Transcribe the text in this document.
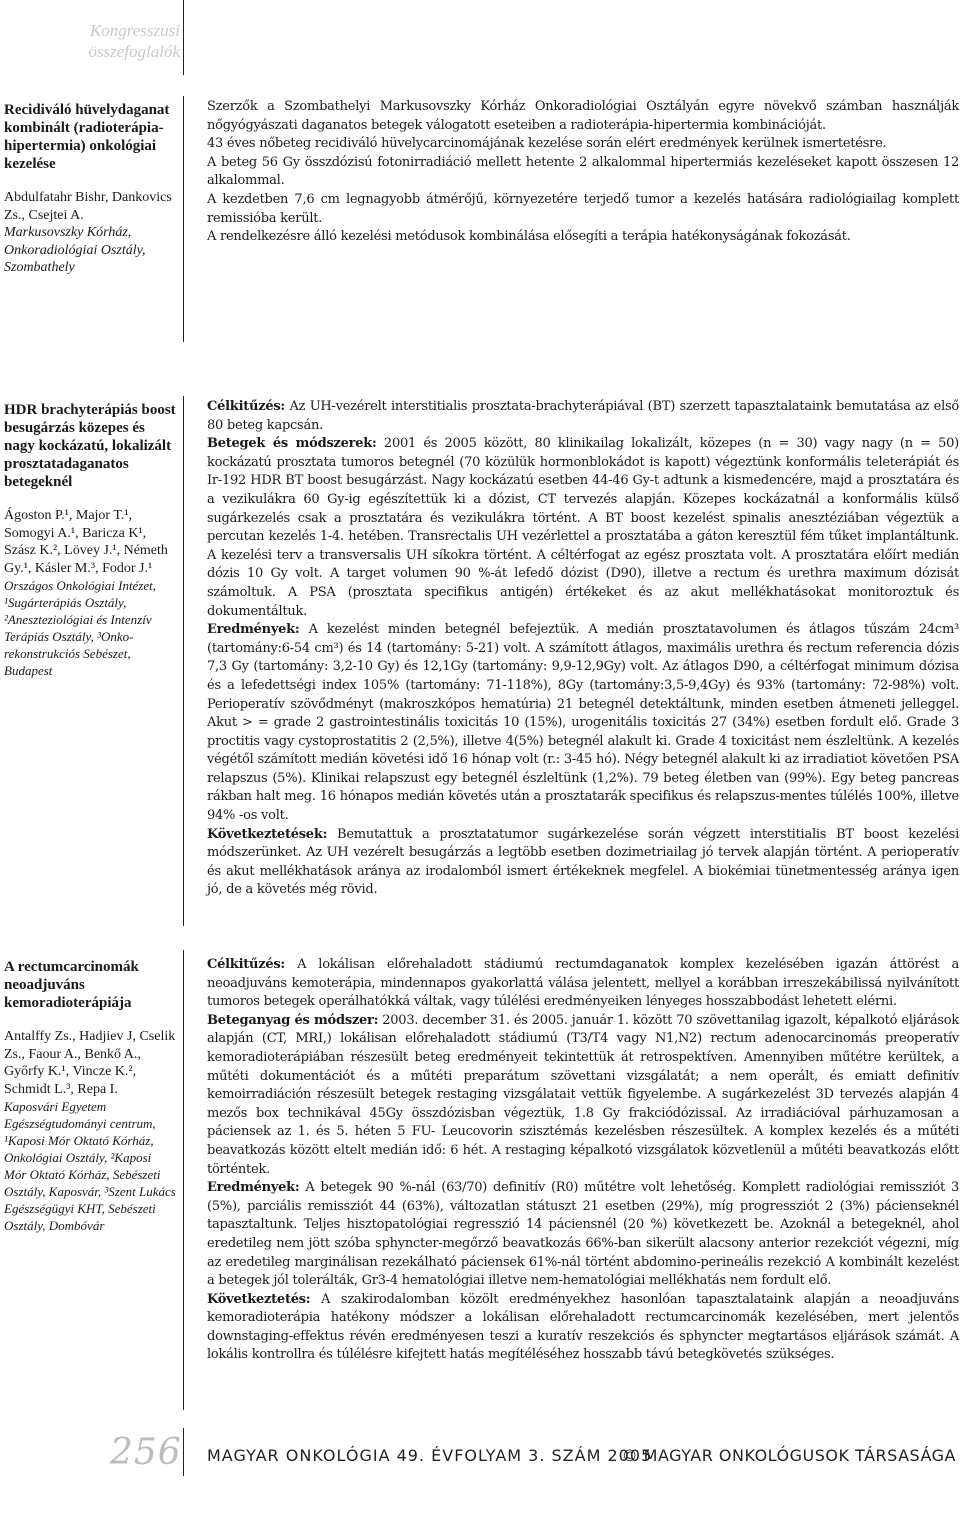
Kongresszusi összefoglalók
Recidiváló hüvelydaganat kombinált (radioterápia-hipertermia) onkológiai kezelése
Abdulfatahr Bishr, Dankovics Zs., Csejtei A.
Markusovszky Kórház, Onkoradiológiai Osztály, Szombathely

Szerzők a Szombathelyi Markusovszky Kórház Onkoradiológiai Osztályán egyre növekvő számban használják nőgyógyászati daganatos betegek válogatott eseteiben a radioterápia-hipertermia kombinációját.

43 éves nőbeteg recidiváló hüvelycarcinomájának kezelése során elért eredmények kerülnek ismertetésre.

A beteg 56 Gy összdózisú fotonirradiáció mellett hetente 2 alkalommal hipertermiás kezeléseket kapott összesen 12 alkalommal.

A kezdetben 7,6 cm legnagyobb átmérőjű, környezetére terjedő tumor a kezelés hatására radiológiailag komplett remissióba került.

A rendelkezésre álló kezelési metódusok kombinálása elősegíti a terápia hatékonyságának fokozását.

HDR brachyterápiás boost besugárzás közepes és nagy kockázatú, lokalizált prosztatadaganatos betegeknél
Ágoston P.¹, Major T.¹, Somogyi A.¹, Baricza K¹, Szász K.², Lövey J.¹, Németh Gy.¹, Kásler M.³, Fodor J.¹
Országos Onkológiai Intézet, ¹Sugárterápiás Osztály, ²Aneszteziológiai és Intenzív Terápiás Osztály, ³Onko-rekonstrukciós Sebészet, Budapest

Célkitűzés: Az UH-vezérelt interstitialis prosztata-brachyterápiával (BT) szerzett tapasztalataink bemutatása az első 80 beteg kapcsán.

Betegek és módszerek: 2001 és 2005 között, 80 klinikailag lokalizált, közepes (n = 30) vagy nagy (n = 50) kockázatú prosztata tumoros betegnél (70 közülük hormonblokádot is kapott) végeztünk konformális teleterápiát és Ir-192 HDR BT boost besugárzást. Nagy kockázatú esetben 44-46 Gy-t adtunk a kismedencére, majd a prosztatára és a vezikulákra 60 Gy-ig egészítettük ki a dózist, CT tervezés alapján. Közepes kockázatnál a konformális külső sugárkezelés csak a prosztatára és vezikulákra történt. A BT boost kezelést spinalis anesztéziában végeztük a percutan kezelés 1-4. hetében. Transrectalis UH vezérlettel a prosztatába a gáton keresztül fém tűket implantáltunk. A kezelési terv a transversalis UH síkokra történt. A céltérfogat az egész prosztata volt. A prosztatára előírt medián dózis 10 Gy volt. A target volumen 90 %-át lefedő dózist (D90), illetve a rectum és urethra maximum dózisát számoltuk. A PSA (prosztata specifikus antigén) értékeket és az akut mellékhatásokat monitoroztuk és dokumentáltuk.

Eredmények: A kezelést minden betegnél befejeztük. A medián prosztatavolumen és átlagos tűszám 24cm³ (tartomány:6-54 cm³) és 14 (tartomány: 5-21) volt. A számított átlagos, maximális urethra és rectum referencia dózis 7,3 Gy (tartomány: 3,2-10 Gy) és 12,1Gy (tartomány: 9,9-12,9Gy) volt. Az átlagos D90, a céltérfogat minimum dózisa és a lefedettségi index 105% (tartomány: 71-118%), 8Gy (tartomány:3,5-9,4Gy) és 93% (tartomány: 72-98%) volt. Perioperatív szövődményt (makroszkópos hematúria) 21 betegnél detektáltunk, minden esetben átmeneti jelleggel. Akut > = grade 2 gastrointestinális toxicitás 10 (15%), urogenitális toxicitás 27 (34%) esetben fordult elő. Grade 3 proctitis vagy cystoprostatitis 2 (2,5%), illetve 4(5%) betegnél alakult ki. Grade 4 toxicitást nem észleltünk. A kezelés végétől számított medián követési idő 16 hónap volt (r.: 3-45 hó). Négy betegnél alakult ki az irradiatiot követően PSA relapszus (5%). Klinikai relapszust egy betegnél észleltünk (1,2%). 79 beteg életben van (99%). Egy beteg pancreas rákban halt meg. 16 hónapos medián követés után a prosztatarák specifikus és relapszus-mentes túlélés 100%, illetve 94% -os volt.

Következtetések: Bemutattuk a prosztatatumor sugárkezelése során végzett interstitialis BT boost kezelési módszerünket. Az UH vezérelt besugárzás a legtöbb esetben dozimetriailag jó tervek alapján történt. A perioperatív és akut mellékhatások aránya az irodalomból ismert értékeknek megfelel. A biokémiai tünetmentesség aránya igen jó, de a követés még rövid.

A rectumcarcinomák neoadjuváns kemoradioterápiája
Antalffy Zs., Hadjiev J, Cselik Zs., Faour A., Benkő A., Győrfy K.¹, Vincze K.², Schmidt L.³, Repa I.
Kaposvári Egyetem Egészségtudományi centrum, ¹Kaposi Mór Oktató Kórház, Onkológiai Osztály, ²Kaposi Mór Oktató Kórház, Sebészeti Osztály, Kaposvár, ³Szent Lukács Egészségügyi KHT, Sebészeti Osztály, Dombóvár

Célkitűzés: A lokálisan előrehaladott stádiumú rectumdaganatok komplex kezelésében igazán áttörést a neoadjuváns kemoterápia, mindennapos gyakorlattá válása jelentett, mellyel a korábban irreszekábilissá nyilvánított tumoros betegek operálhatókká váltak, vagy túlélési eredményeiken lényeges hosszabbodást lehetett elérni.

Beteganyag és módszer: 2003. december 31. és 2005. január 1. között 70 szövettanilag igazolt, képalkotó eljárások alapján (CT, MRI,) lokálisan előrehaladott stádiumú (T3/T4 vagy N1,N2) rectum adenocarcinomás preoperatív kemoradioterápiában részesült beteg eredményeit tekintettük át retrospektíven. Amennyiben műtétre kerültek, a műtéti dokumentációt és a műtéti preparátum szövettani vizsgálatát; a nem operált, és emiatt definitív kemoirradiáción részesült betegek restaging vizsgálatait vettük figyelembe. A sugárkezelést 3D tervezés alapján 4 mezős box technikával 45Gy összdózisban végeztük, 1.8 Gy frakciódózissal. Az irradiációval párhuzamosan a páciensek az 1. és 5. héten 5 FU- Leucovorin szisztémás kezelésben részesültek. A komplex kezelés és a műtéti beavatkozás között eltelt medián idő: 6 hét. A restaging képalkotó vizsgálatok közvetlenül a műtéti beavatkozás előtt történtek.

Eredmények: A betegek 90 %-nál (63/70) definitív (R0) műtétre volt lehetőség. Komplett radiológiai remissziót 3 (5%), parciális remissziót 44 (63%), változatlan státuszt 21 esetben (29%), míg progressziót 2 (3%) pácienseknél tapasztaltunk. Teljes hisztopatológiai regresszió 14 páciensnél (20 %) következett be. Azoknál a betegeknél, ahol eredetileg nem jött szóba sphyncter-megőrző beavatkozás 66%-ban sikerült alacsony anterior rezekciót végezni, míg az eredetileg marginálisan rezekálható páciensek 61%-nál történt abdomino-perineális rezekció A kombinált kezelést a betegek jól tolerálták, Gr3-4 hematológiai illetve nem-hematológiai mellékhatás nem fordult elő.

Következtetés: A szakirodalomban közölt eredményekhez hasonlóan tapasztalataink alapján a neoadjuváns kemoradioterápia hatékony módszer a lokálisan előrehaladott rectumcarcinomák kezelésében, mert jelentős downstaging-effektus révén eredményesen teszi a kuratív reszekciós és sphyncter megtartásos eljárások számát. A lokális kontrollra és túlélésre kifejtett hatás megítéléséhez hosszabb távú betegkövetés szükséges.

256 MAGYAR ONKOLÓGIA 49. ÉVFOLYAM 3. SZÁM 2005
© MAGYAR ONKOLÓGUSOK TÁRSASÁGA
